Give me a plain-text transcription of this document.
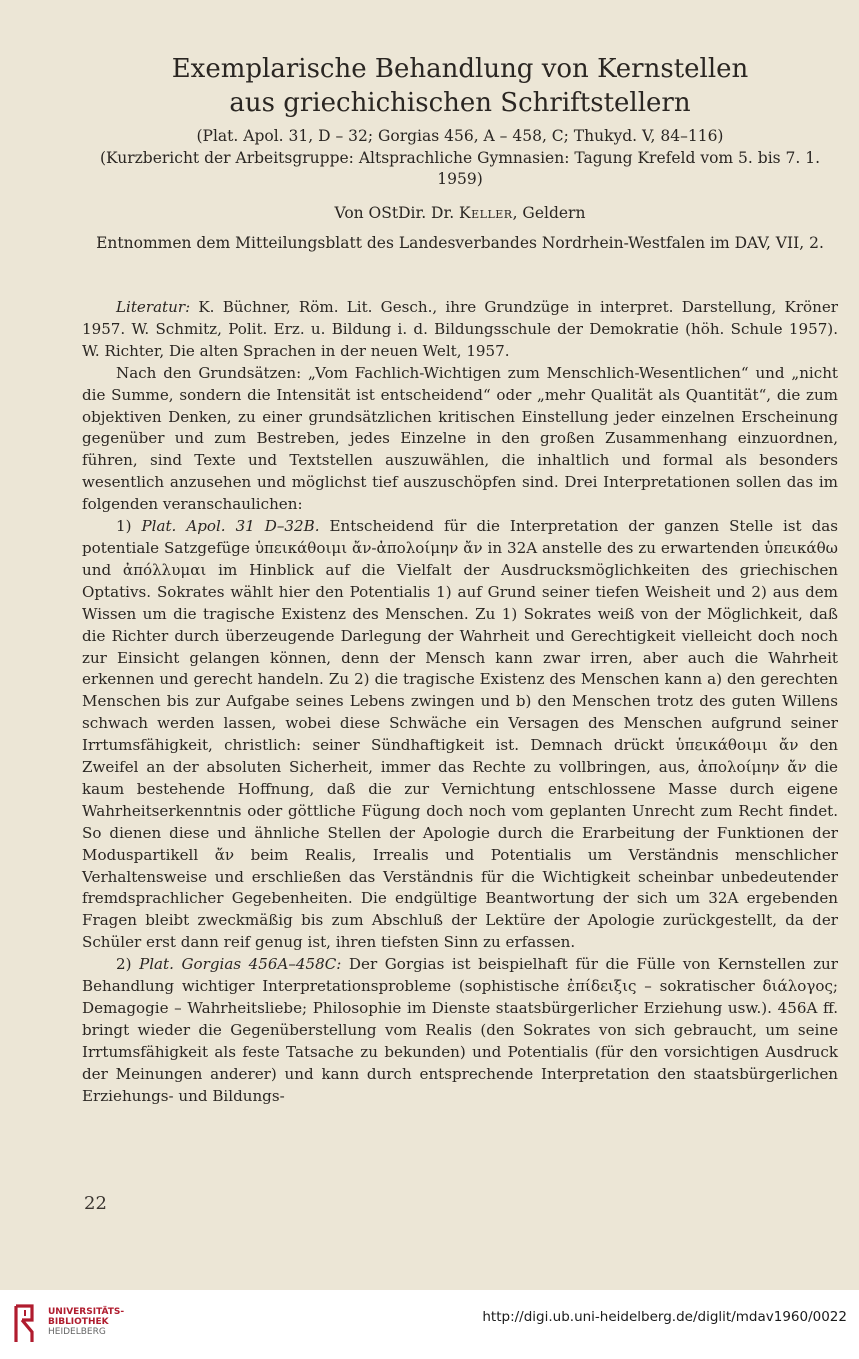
Exemplarische Behandlung von Kernstellen
aus griechichischen Schriftstellern
(Plat. Apol. 31, D – 32; Gorgias 456, A – 458, C; Thukyd. V, 84–116)
(Kurzbericht der Arbeitsgruppe: Altsprachliche Gymnasien: Tagung Krefeld vom 5. bis 7. 1. 1959)
Von OStDir. Dr. Keller, Geldern
Entnommen dem Mitteilungsblatt des Landesverbandes Nordrhein-Westfalen im DAV, VII, 2.

Literatur: K. Büchner, Röm. Lit. Gesch., ihre Grundzüge in interpret. Darstellung, Kröner 1957. W. Schmitz, Polit. Erz. u. Bildung i. d. Bildungsschule der Demokratie (höh. Schule 1957). W. Richter, Die alten Sprachen in der neuen Welt, 1957.

Nach den Grundsätzen: „Vom Fachlich-Wichtigen zum Menschlich-Wesentlichen“ und „nicht die Summe, sondern die Intensität ist entscheidend“ oder „mehr Qualität als Quantität“, die zum objektiven Denken, zu einer grundsätzlichen kritischen Einstellung jeder einzelnen Erscheinung gegenüber und zum Bestreben, jedes Einzelne in den großen Zusammenhang einzuordnen, führen, sind Texte und Textstellen auszuwählen, die inhaltlich und formal als besonders wesentlich anzusehen und möglichst tief auszuschöpfen sind. Drei Interpretationen sollen das im folgenden veranschaulichen:

1) Plat. Apol. 31 D–32B. Entscheidend für die Interpretation der ganzen Stelle ist das potentiale Satzgefüge ὑπεικάθοιμι ἄν-ἀπολοίμην ἄν in 32A anstelle des zu erwartenden ὑπεικάθω und ἀπόλλυμαι im Hinblick auf die Vielfalt der Ausdrucksmöglichkeiten des griechischen Optativs. Sokrates wählt hier den Potentialis 1) auf Grund seiner tiefen Weisheit und 2) aus dem Wissen um die tragische Existenz des Menschen. Zu 1) Sokrates weiß von der Möglichkeit, daß die Richter durch überzeugende Darlegung der Wahrheit und Gerechtigkeit vielleicht doch noch zur Einsicht gelangen können, denn der Mensch kann zwar irren, aber auch die Wahrheit erkennen und gerecht handeln. Zu 2) die tragische Existenz des Menschen kann a) den gerechten Menschen bis zur Aufgabe seines Lebens zwingen und b) den Menschen trotz des guten Willens schwach werden lassen, wobei diese Schwäche ein Versagen des Menschen aufgrund seiner Irrtumsfähigkeit, christlich: seiner Sündhaftigkeit ist. Demnach drückt ὑπεικάθοιμι ἄν den Zweifel an der absoluten Sicherheit, immer das Rechte zu vollbringen, aus, ἀπολοίμην ἄν die kaum bestehende Hoffnung, daß die zur Vernichtung entschlossene Masse durch eigene Wahrheitserkenntnis oder göttliche Fügung doch noch vom geplanten Unrecht zum Recht findet. So dienen diese und ähnliche Stellen der Apologie durch die Erarbeitung der Funktionen der Moduspartikell ἄν beim Realis, Irrealis und Potentialis um Verständnis menschlicher Verhaltensweise und erschließen das Verständnis für die Wichtigkeit scheinbar unbedeutender fremdsprachlicher Gegebenheiten. Die endgültige Beantwortung der sich um 32A ergebenden Fragen bleibt zweckmäßig bis zum Abschluß der Lektüre der Apologie zurückgestellt, da der Schüler erst dann reif genug ist, ihren tiefsten Sinn zu erfassen.

2) Plat. Gorgias 456A–458C: Der Gorgias ist beispielhaft für die Fülle von Kernstellen zur Behandlung wichtiger Interpretationsprobleme (sophistische ἐπίδειξις – sokratischer διάλογος; Demagogie – Wahrheitsliebe; Philosophie im Dienste staatsbürgerlicher Erziehung usw.). 456A ff. bringt wieder die Gegenüberstellung vom Realis (den Sokrates von sich gebraucht, um seine Irrtumsfähigkeit als feste Tatsache zu bekunden) und Potentialis (für den vorsichtigen Ausdruck der Meinungen anderer) und kann durch entsprechende Interpretation den staatsbürgerlichen Erziehungs- und Bildungs-

22
UNIVERSITÄTS-
BIBLIOTHEK
HEIDELBERG
http://digi.ub.uni-heidelberg.de/diglit/mdav1960/0022
